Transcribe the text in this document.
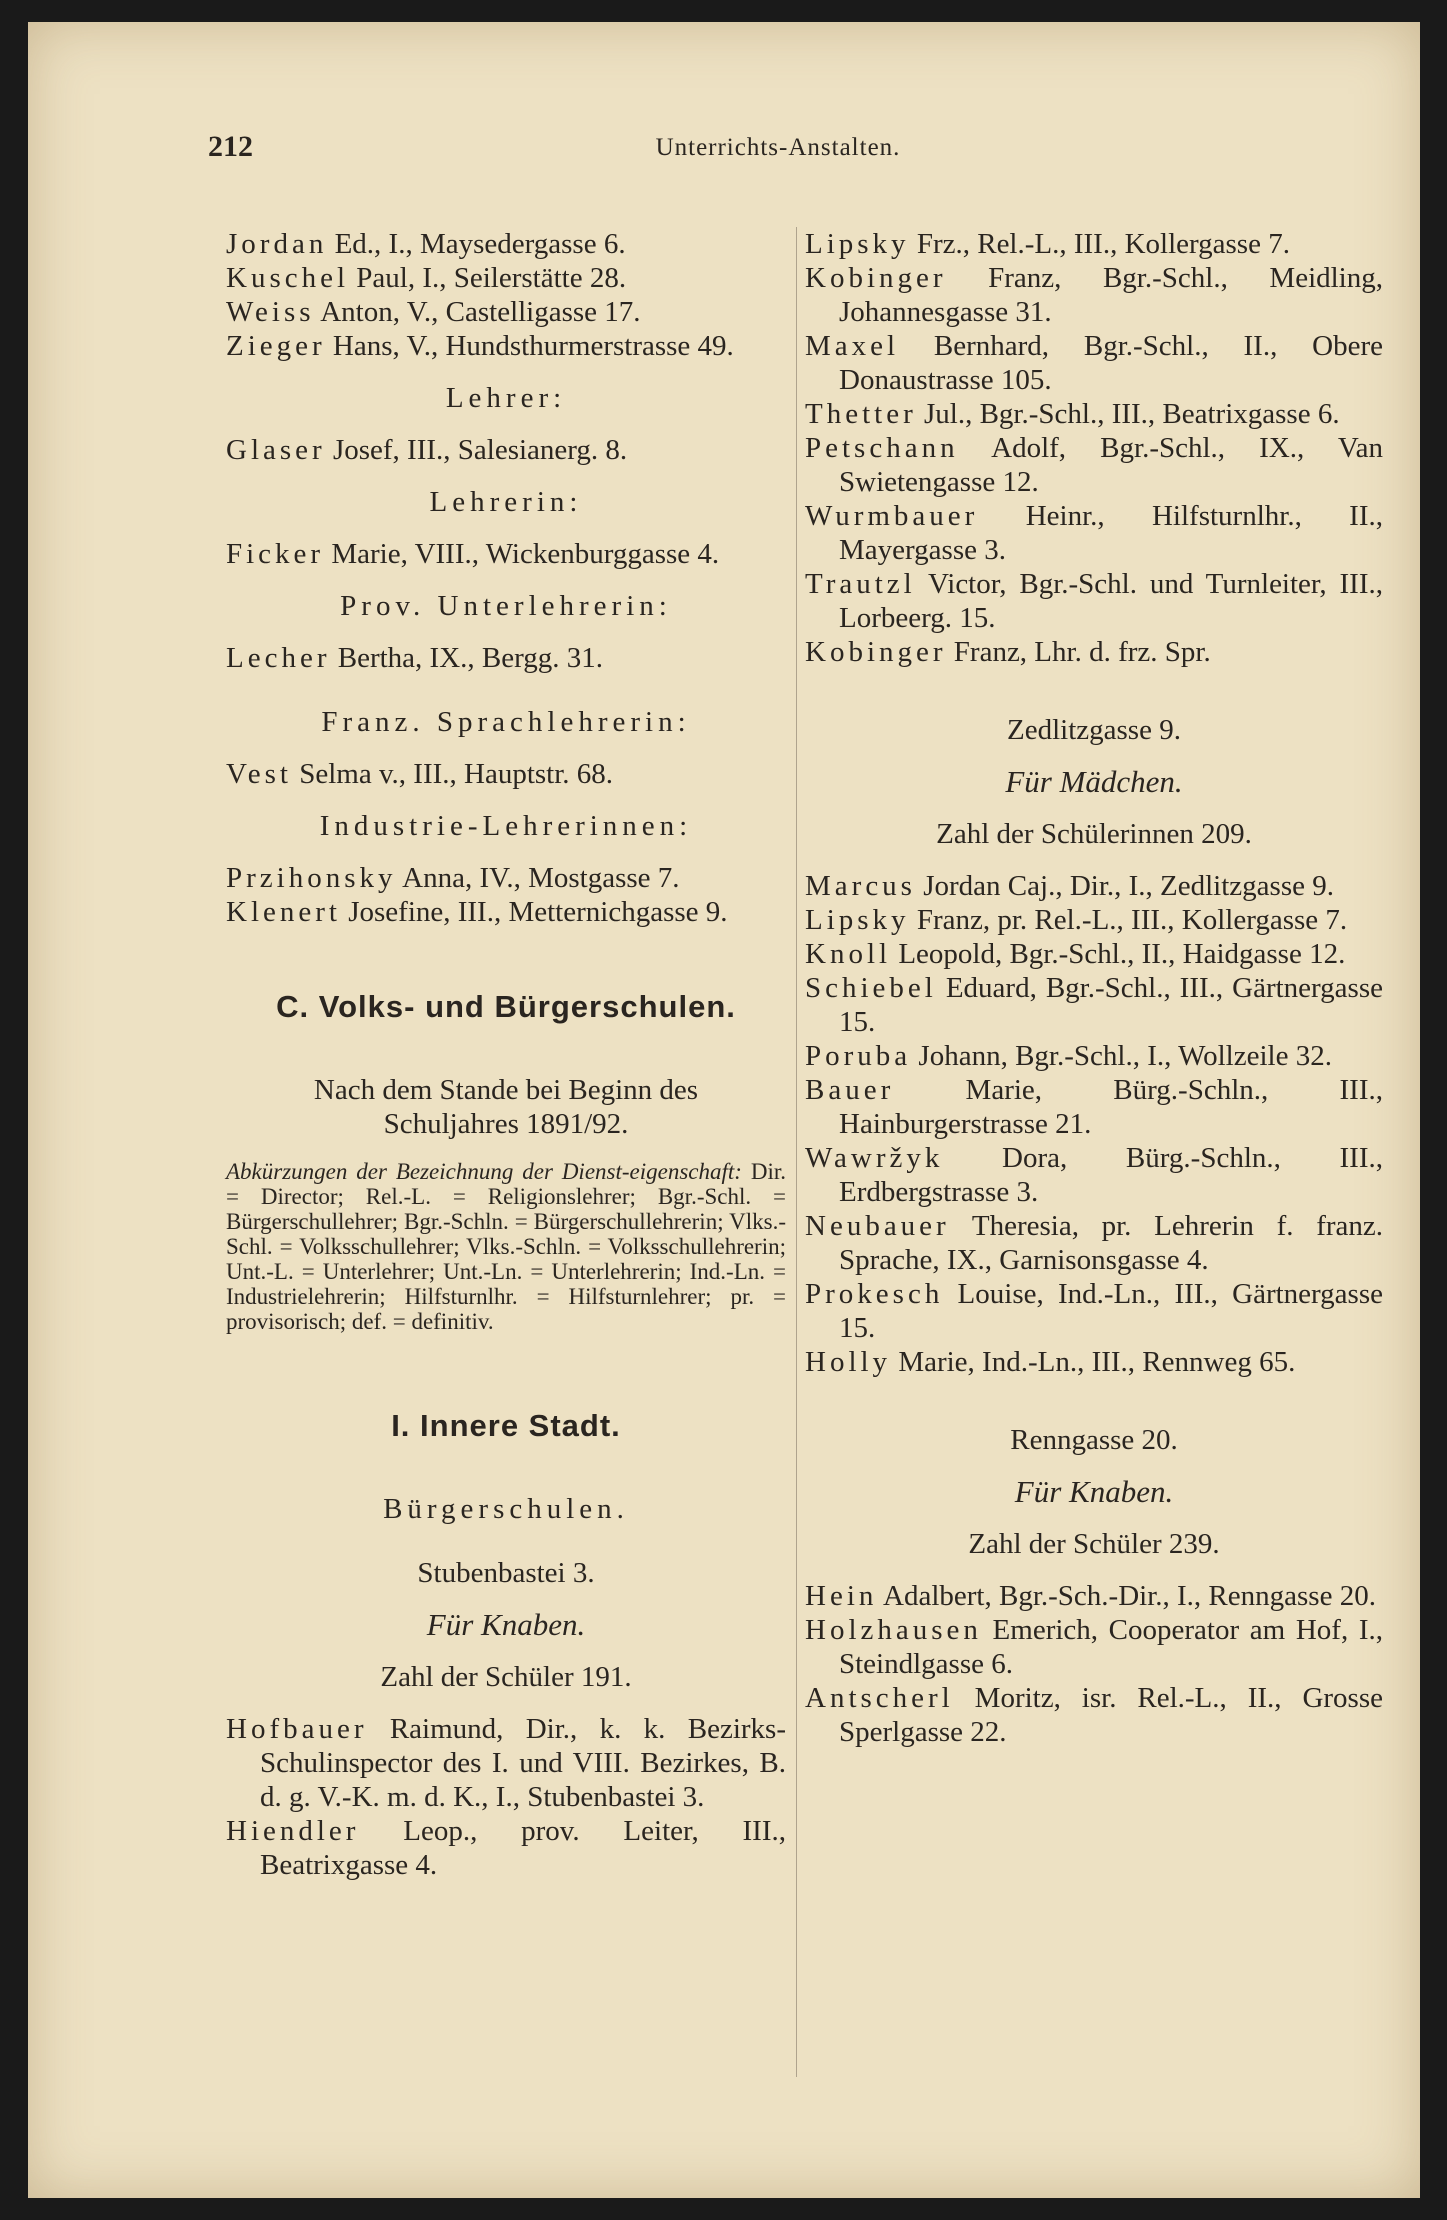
212	Unterrichts-Anstalten.

Jordan Ed., I., Maysedergasse 6.

Kuschel Paul, I., Seilerstätte 28.

Weiss Anton, V., Castelligasse 17.

Zieger Hans, V., Hundsthurmerstrasse 49.

Lehrer:

Glaser Josef, III., Salesianerg. 8.

Lehrerin:

Ficker Marie, VIII., Wickenburggasse 4.

Prov. Unterlehrerin:

Lecher Bertha, IX., Bergg. 31.

Franz. Sprachlehrerin:

Vest Selma v., III., Hauptstr. 68.

Industrie-Lehrerinnen:

Przihonsky Anna, IV., Mostgasse 7.

Klenert Josefine, III., Metternichgasse 9.

C. Volks- und Bürgerschulen.

Nach dem Stande bei Beginn des

Schuljahres 1891/92.

Abkürzungen der Bezeichnung der Dienst-eigenschaft: Dir. = Director; Rel.-L. = Religionslehrer; Bgr.-Schl. = Bürgerschullehrer; Bgr.-Schln. = Bürgerschullehrerin; Vlks.-Schl. = Volksschullehrer; Vlks.-Schln. = Volksschullehrerin; Unt.-L. = Unterlehrer; Unt.-Ln. = Unterlehrerin; Ind.-Ln. = Industrielehrerin; Hilfsturnlhr. = Hilfsturnlehrer; pr. = provisorisch; def. = definitiv.

I. Innere Stadt.

Bürgerschulen.

Stubenbastei 3.

Für Knaben.

Zahl der Schüler 191.

Hofbauer Raimund, Dir., k. k. Bezirks-Schulinspector des I. und VIII. Bezirkes, B. d. g. V.-K. m. d. K., I., Stubenbastei 3.

Hiendler Leop., prov. Leiter, III., Beatrixgasse 4.

Lipsky Frz., Rel.-L., III., Kollergasse 7.

Kobinger Franz, Bgr.-Schl., Meidling, Johannesgasse 31.

Maxel Bernhard, Bgr.-Schl., II., Obere Donaustrasse 105.

Thetter Jul., Bgr.-Schl., III., Beatrixgasse 6.

Petschann Adolf, Bgr.-Schl., IX., Van Swietengasse 12.

Wurmbauer Heinr., Hilfsturnlhr., II., Mayergasse 3.

Trautzl Victor, Bgr.-Schl. und Turnleiter, III., Lorbeerg. 15.

Kobinger Franz, Lhr. d. frz. Spr.

Zedlitzgasse 9.

Für Mädchen.

Zahl der Schülerinnen 209.

Marcus Jordan Caj., Dir., I., Zedlitzgasse 9.

Lipsky Franz, pr. Rel.-L., III., Kollergasse 7.

Knoll Leopold, Bgr.-Schl., II., Haidgasse 12.

Schiebel Eduard, Bgr.-Schl., III., Gärtnergasse 15.

Poruba Johann, Bgr.-Schl., I., Wollzeile 32.

Bauer Marie, Bürg.-Schln., III., Hainburgerstrasse 21.

Wawržyk Dora, Bürg.-Schln., III., Erdbergstrasse 3.

Neubauer Theresia, pr. Lehrerin f. franz. Sprache, IX., Garnisonsgasse 4.

Prokesch Louise, Ind.-Ln., III., Gärtnergasse 15.

Holly Marie, Ind.-Ln., III., Rennweg 65.

Renngasse 20.

Für Knaben.

Zahl der Schüler 239.

Hein Adalbert, Bgr.-Sch.-Dir., I., Renngasse 20.

Holzhausen Emerich, Cooperator am Hof, I., Steindlgasse 6.

Antscherl Moritz, isr. Rel.-L., II., Grosse Sperlgasse 22.
